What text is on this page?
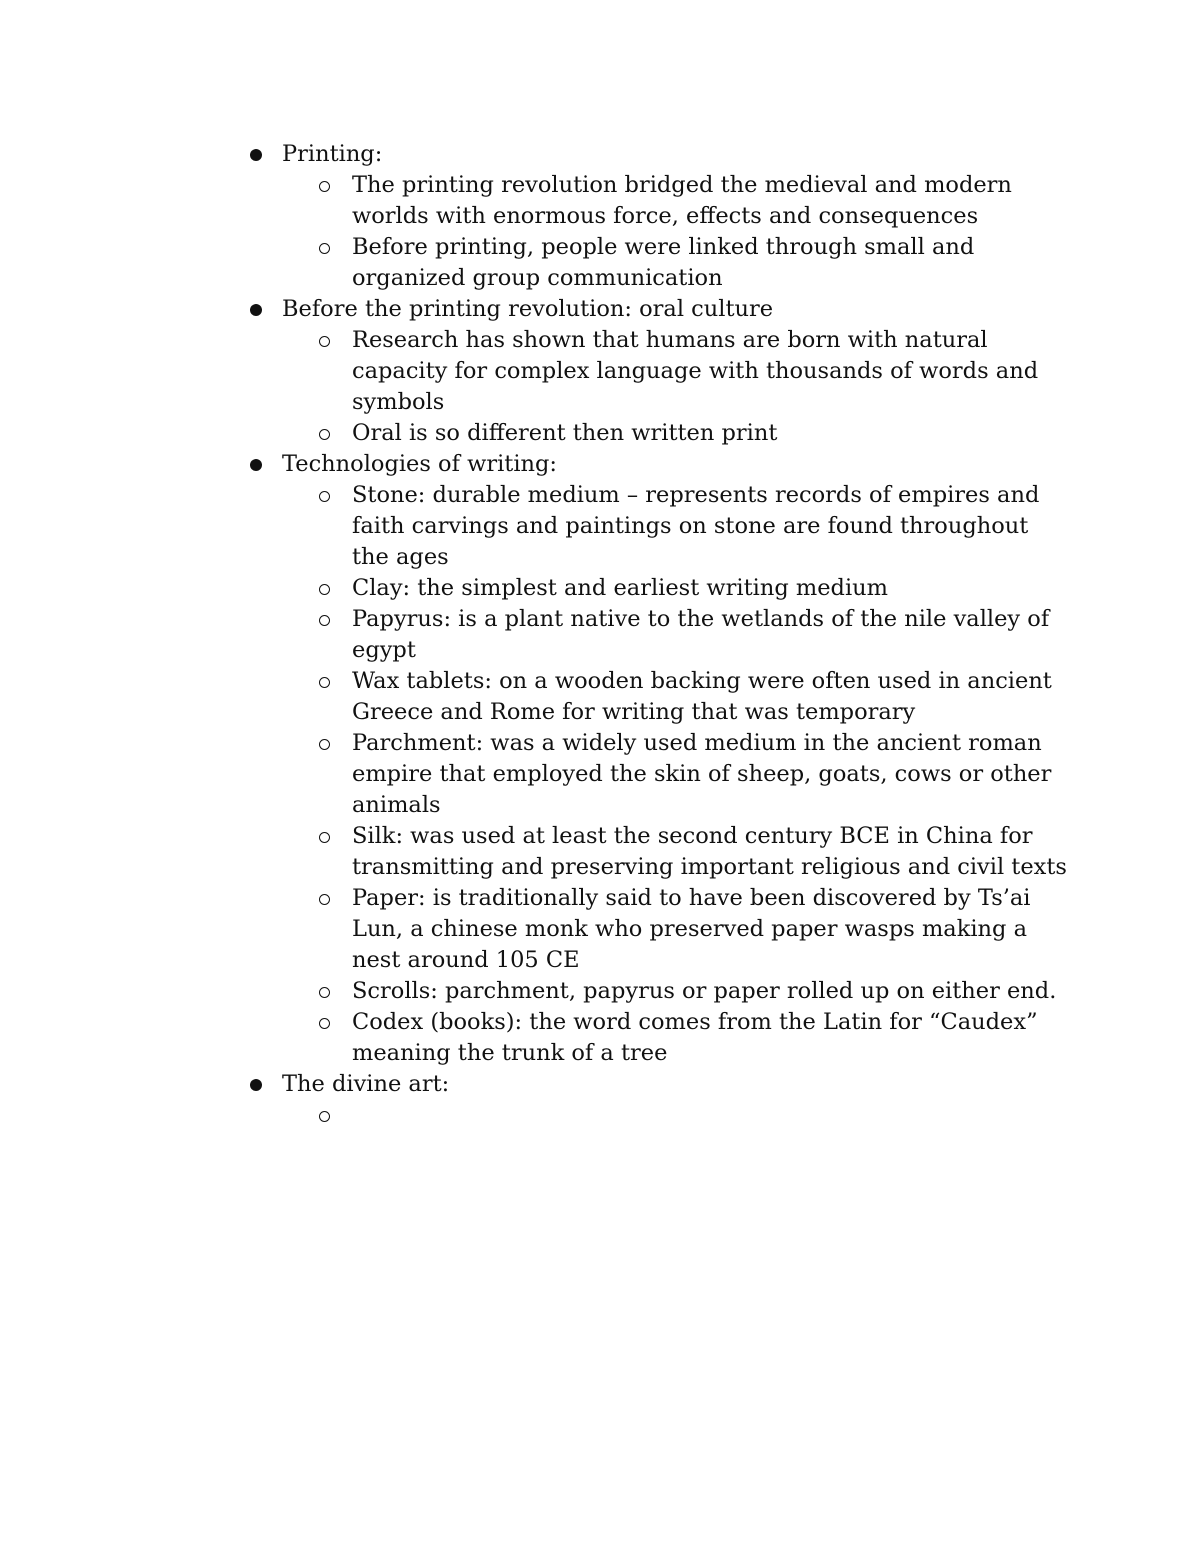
Printing:
The printing revolution bridged the medieval and modern worlds with enormous force, effects and consequences
Before printing, people were linked through small and organized group communication
Before the printing revolution: oral culture
Research has shown that humans are born with natural capacity for complex language with thousands of words and symbols
Oral is so different then written print
Technologies of writing:
Stone: durable medium – represents records of empires and faith carvings and paintings on stone are found throughout the ages
Clay: the simplest and earliest writing medium
Papyrus: is a plant native to the wetlands of the nile valley of egypt
Wax tablets: on a wooden backing were often used in ancient Greece and Rome for writing that was temporary
Parchment: was a widely used medium in the ancient roman empire that employed the skin of sheep, goats, cows or other animals
Silk: was used at least the second century BCE in China for transmitting and preserving important religious and civil texts
Paper: is traditionally said to have been discovered by Ts’ai Lun, a chinese monk who preserved paper wasps making a nest around 105 CE
Scrolls: parchment, papyrus or paper rolled up on either end.
Codex (books): the word comes from the Latin for “Caudex” meaning the trunk of a tree
The divine art:
